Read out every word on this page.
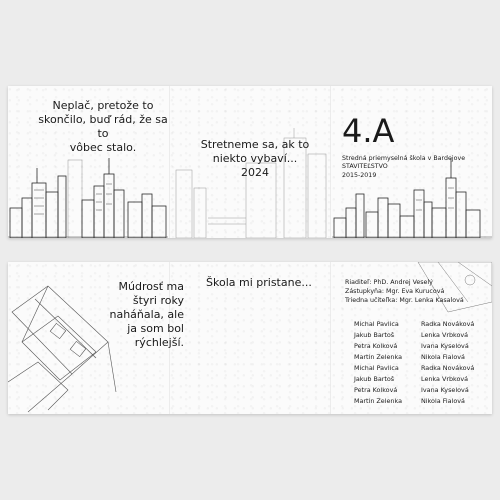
Neplač, pretože to
skončilo, buď rád, že sa to
vôbec stalo.	Stretneme sa, ak to
niekto vybaví...
2024
4.A
Stredná priemyselná škola v Bardejove
STAVITEĽSTVO
2015-2019
Múdrosť ma
štyri roky
naháňala, ale
ja som bol
rýchlejší.
Škola mi pristane...	Riaditeľ: PhD. Andrej Veselý
Zástupkyňa: Mgr. Eva Kurucová
Triedna učiteľka: Mgr. Lenka Kasalová
Michal Pavlica
Jakub Bartoš
Petra Kolková
Martin Zelenka
Michal Pavlica
Jakub Bartoš
Petra Kolková
Martin Zelenka
Radka Nováková
Lenka Vrbková
Ivana Kyselová
Nikola Fialová
Radka Nováková
Lenka Vrbková
Ivana Kyselová
Nikola Fialová
